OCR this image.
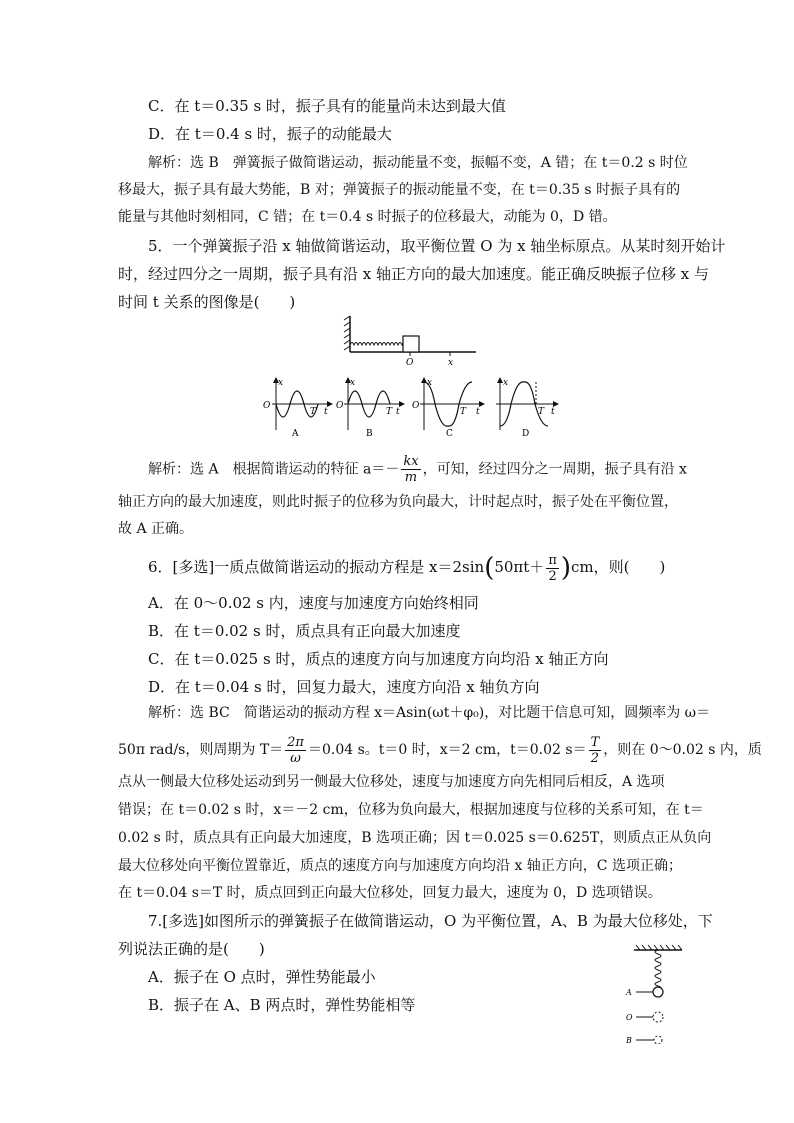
C．在 t＝0.35 s 时，振子具有的能量尚未达到最大值
D．在 t＝0.4 s 时，振子的动能最大
解析：选 B　弹簧振子做简谐运动，振动能量不变，振幅不变，A 错；在 t＝0.2 s 时位
移最大，振子具有最大势能，B 对；弹簧振子的振动能量不变，在 t＝0.35 s 时振子具有的
能量与其他时刻相同，C 错；在 t＝0.4 s 时振子的位移最大，动能为 0，D 错。
5．一个弹簧振子沿 x 轴做简谐运动，取平衡位置 O 为 x 轴坐标原点。从某时刻开始计
时，经过四分之一周期，振子具有沿 x 轴正方向的最大加速度。能正确反映振子位移 x 与
时间 t 关系的图像是(　　)
O	x
O
x
T t
A
O
x
T t
B
O
x
T t
C
x
T t
D
解析：选 A　根据简谐运动的特征 $a=- \frac{kx}{m}$ ，可知，经过四分之一周期，振子具有沿 x
轴正方向的最大加速度，则此时振子的位移为负向最大，计时起点时，振子处在平衡位置，
故 A 正确。
6．[多选]一质点做简谐运动的振动方程是 $x=2\sin(50\pi t+ \frac{\pi}{2} )cm$，则(　　)
A．在 0～0.02 s 内，速度与加速度方向始终相同
B．在 t＝0.02 s 时，质点具有正向最大加速度
C．在 t＝0.025 s 时，质点的速度方向与加速度方向均沿 x 轴正方向
D．在 t＝0.04 s 时，回复力最大，速度方向沿 x 轴负方向
解析：选 BC　简谐运动的振动方程 x＝Asin(ωt＋φ₀)，对比题干信息可知，圆频率为 ω＝
50π rad/s，则周期为 $T= \frac{2\pi}{\omega} =0.04$ s。t＝0 时，x＝2 cm，t＝0.02 $s= \frac{T}{2}$ ，则在 0～0.02 s 内，质
点从一侧最大位移处运动到另一侧最大位移处，速度与加速度方向先相同后相反，A 选项
错误；在 t＝0.02 s 时，x＝－2 cm，位移为负向最大，根据加速度与位移的关系可知，在 t＝
0.02 s 时，质点具有正向最大加速度，B 选项正确；因 t＝0.025 s＝0.625T，则质点正从负向
最大位移处向平衡位置靠近，质点的速度方向与加速度方向均沿 x 轴正方向，C 选项正确；
在 t＝0.04 s＝T 时，质点回到正向最大位移处，回复力最大，速度为 0，D 选项错误。
7.[多选]如图所示的弹簧振子在做简谐运动，O 为平衡位置，A、B 为最大位移处，下
列说法正确的是(　　)
A．振子在 O 点时，弹性势能最小
B．振子在 A、B 两点时，弹性势能相等
A
O
B
